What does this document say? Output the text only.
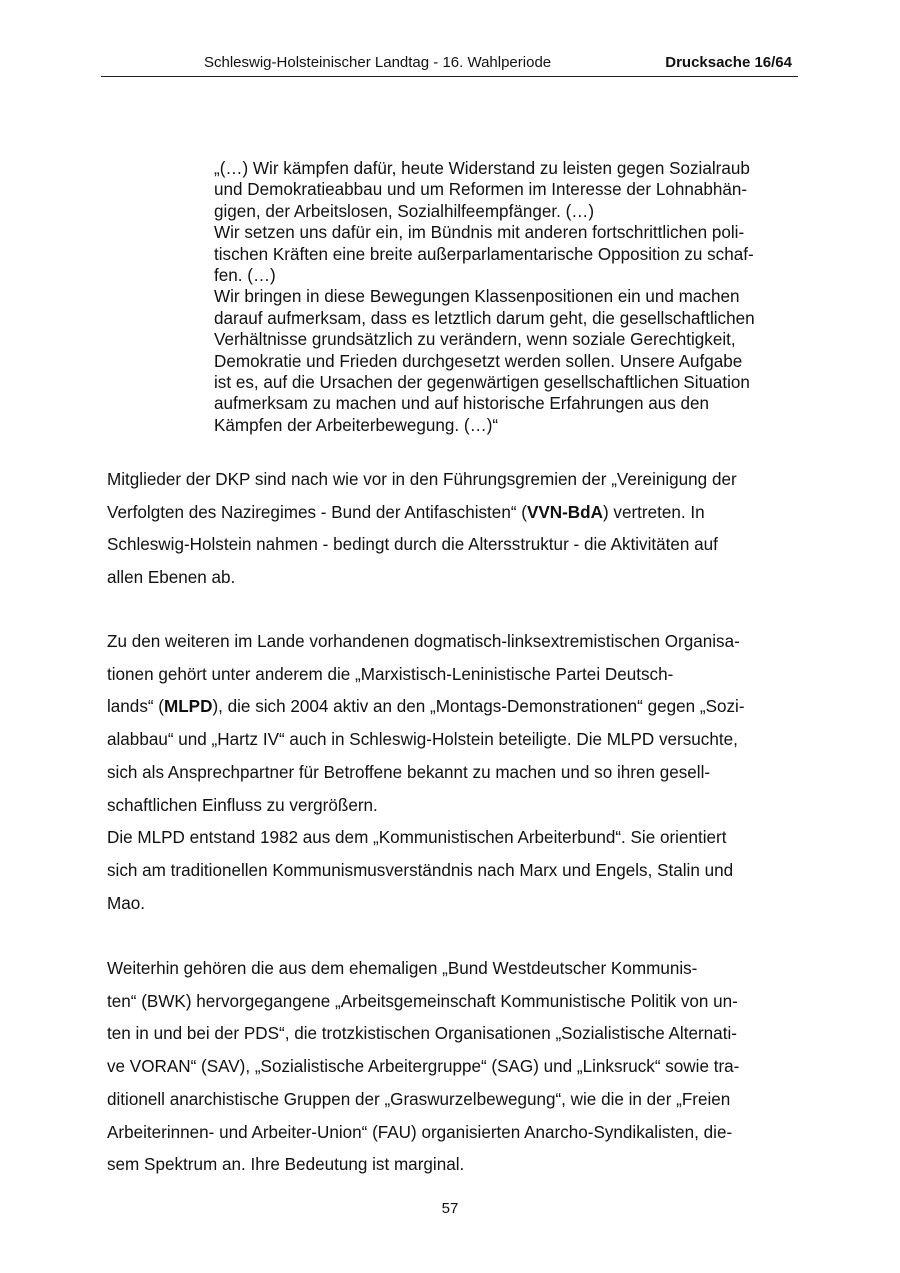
Schleswig-Holsteinischer Landtag - 16. Wahlperiode	Drucksache 16/64
„(…) Wir kämpfen dafür, heute Widerstand zu leisten gegen Sozialraub
und Demokratieabbau und um Reformen im Interesse der Lohnabhän-
gigen, der Arbeitslosen, Sozialhilfeempfänger. (…)
Wir setzen uns dafür ein, im Bündnis mit anderen fortschrittlichen poli-
tischen Kräften eine breite außerparlamentarische Opposition zu schaf-
fen. (…)
Wir bringen in diese Bewegungen Klassenpositionen ein und machen
darauf aufmerksam, dass es letztlich darum geht, die gesellschaftlichen
Verhältnisse grundsätzlich zu verändern, wenn soziale Gerechtigkeit,
Demokratie und Frieden durchgesetzt werden sollen. Unsere Aufgabe
ist es, auf die Ursachen der gegenwärtigen gesellschaftlichen Situation
aufmerksam zu machen und auf historische Erfahrungen aus den
Kämpfen der Arbeiterbewegung. (…)“
Mitglieder der DKP sind nach wie vor in den Führungsgremien der „Vereinigung der
Verfolgten des Naziregimes - Bund der Antifaschisten“ (VVN-BdA) vertreten. In
Schleswig-Holstein nahmen - bedingt durch die Altersstruktur - die Aktivitäten auf
allen Ebenen ab.
Zu den weiteren im Lande vorhandenen dogmatisch-linksextremistischen Organisa-
tionen gehört unter anderem die „Marxistisch-Leninistische Partei Deutsch-
lands“ (MLPD), die sich 2004 aktiv an den „Montags-Demonstrationen“ gegen „Sozi-
alabbau“ und „Hartz IV“ auch in Schleswig-Holstein beteiligte. Die MLPD versuchte,
sich als Ansprechpartner für Betroffene bekannt zu machen und so ihren gesell-
schaftlichen Einfluss zu vergrößern.
Die MLPD entstand 1982 aus dem „Kommunistischen Arbeiterbund“. Sie orientiert
sich am traditionellen Kommunismusverständnis nach Marx und Engels, Stalin und
Mao.
Weiterhin gehören die aus dem ehemaligen „Bund Westdeutscher Kommunis-
ten“ (BWK) hervorgegangene „Arbeitsgemeinschaft Kommunistische Politik von un-
ten in und bei der PDS“, die trotzkistischen Organisationen „Sozialistische Alternati-
ve VORAN“ (SAV), „Sozialistische Arbeitergruppe“ (SAG) und „Linksruck“ sowie tra-
ditionell anarchistische Gruppen der „Graswurzelbewegung“, wie die in der „Freien
Arbeiterinnen- und Arbeiter-Union“ (FAU) organisierten Anarcho-Syndikalisten, die-
sem Spektrum an. Ihre Bedeutung ist marginal.
57
